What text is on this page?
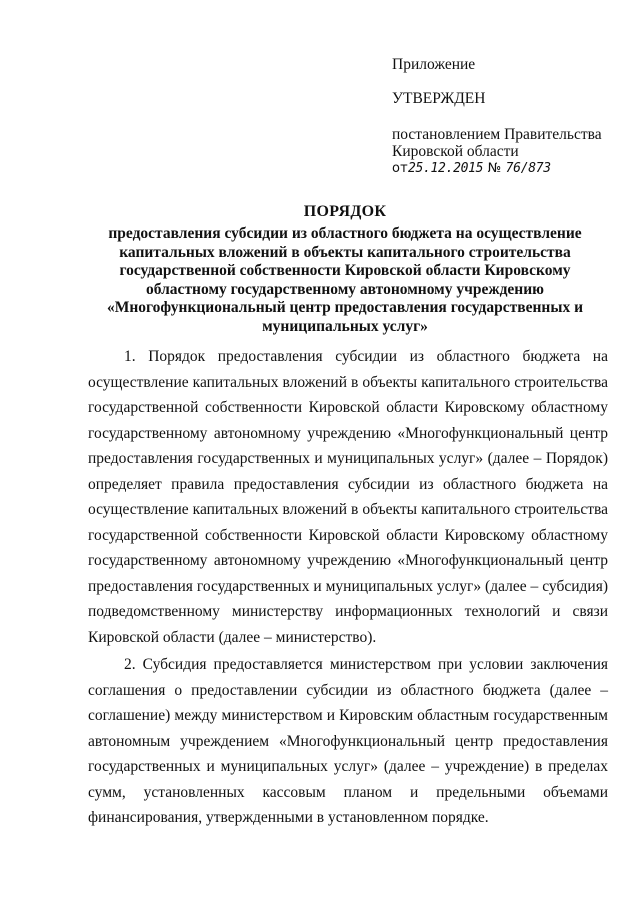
Приложение
УТВЕРЖДЕН
постановлением Правительства
Кировской области
от25.12.2015 № 76/873
ПОРЯДОК
предоставления субсидии из областного бюджета на осуществление капитальных вложений в объекты капитального строительства государственной собственности Кировской области Кировскому областному государственному автономному учреждению «Многофункциональный центр предоставления государственных и муниципальных услуг»

1. Порядок предоставления субсидии из областного бюджета на осуществление капитальных вложений в объекты капитального строительства государственной собственности Кировской области Кировскому областному государственному автономному учреждению «Многофункциональный центр предоставления государственных и муниципальных услуг» (далее – Порядок) определяет правила предоставления субсидии из областного бюджета на осуществление капитальных вложений в объекты капитального строительства государственной собственности Кировской области Кировскому областному государственному автономному учреждению «Многофункциональный центр предоставления государственных и муниципальных услуг» (далее – субсидия) подведомственному министерству информационных технологий и связи Кировской области (далее – министерство).

2. Субсидия предоставляется министерством при условии заключения соглашения о предоставлении субсидии из областного бюджета (далее – соглашение) между министерством и Кировским областным государственным автономным учреждением «Многофункциональный центр предоставления государственных и муниципальных услуг» (далее – учреждение) в пределах сумм, установленных кассовым планом и предельными объемами финансирования, утвержденными в установленном порядке.
